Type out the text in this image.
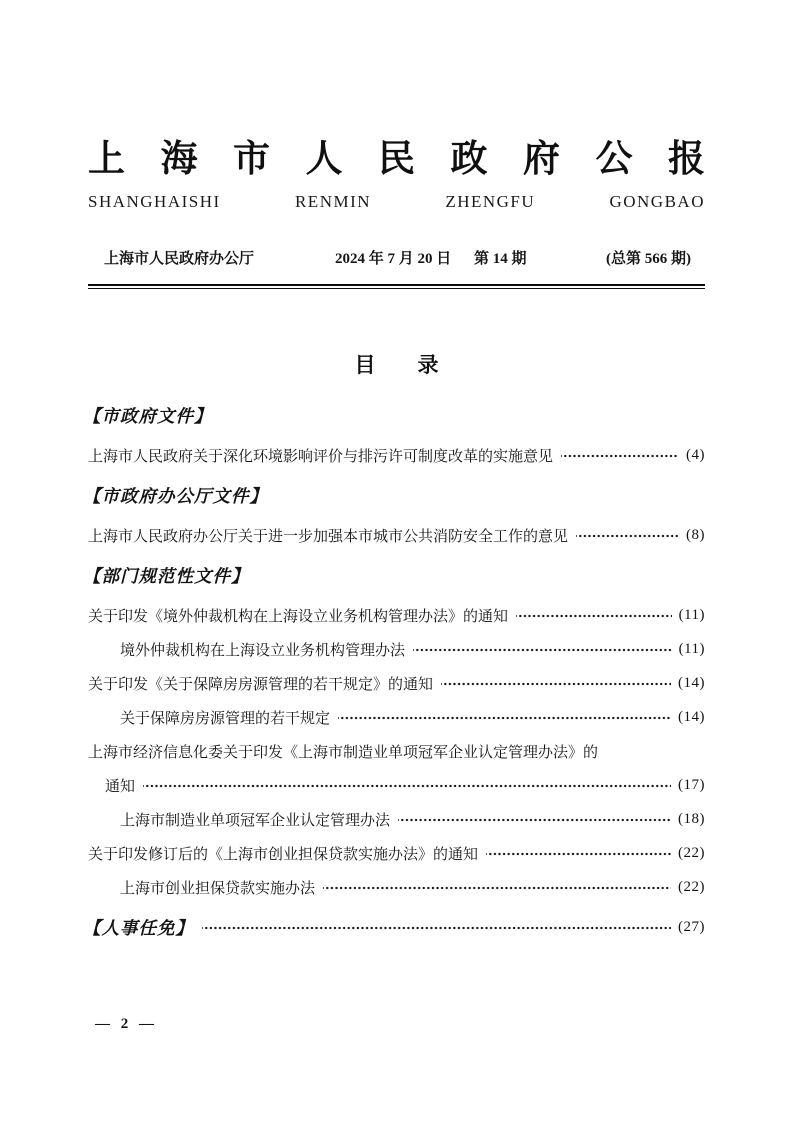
上 海 市 人 民 政 府 公 报
SHANGHAISHI	RENMIN	ZHENGFU	GONGBAO
上海市人民政府办公厅	2024 年 7 月 20 日 第 14 期	(总第 566 期)
目　　录
【市政府文件】
上海市人民政府关于深化环境影响评价与排污许可制度改革的实施意见	(4)
【市政府办公厅文件】
上海市人民政府办公厅关于进一步加强本市城市公共消防安全工作的意见	(8)
【部门规范性文件】
关于印发《境外仲裁机构在上海设立业务机构管理办法》的通知	(11)
境外仲裁机构在上海设立业务机构管理办法	(11)
关于印发《关于保障房房源管理的若干规定》的通知	(14)
关于保障房房源管理的若干规定	(14)
上海市经济信息化委关于印发《上海市制造业单项冠军企业认定管理办法》的
通知	(17)
上海市制造业单项冠军企业认定管理办法	(18)
关于印发修订后的《上海市创业担保贷款实施办法》的通知	(22)
上海市创业担保贷款实施办法	(22)
【人事任免】	(27)
— 2 —
